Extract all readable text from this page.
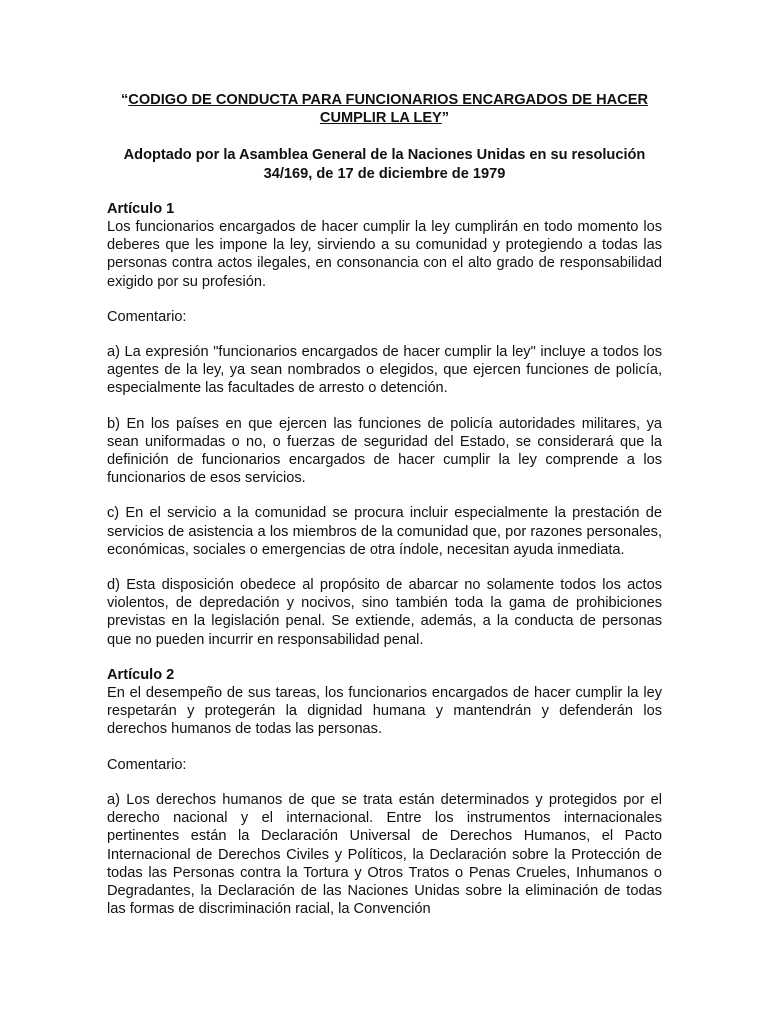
“CODIGO DE CONDUCTA PARA FUNCIONARIOS ENCARGADOS DE HACER CUMPLIR LA LEY”

Adoptado por la Asamblea General de la Naciones Unidas en su resolución 34/169, de 17 de diciembre de 1979

Artículo 1

Los funcionarios encargados de hacer cumplir la ley cumplirán en todo momento los deberes que les impone la ley, sirviendo a su comunidad y protegiendo a todas las personas contra actos ilegales, en consonancia con el alto grado de responsabilidad exigido por su profesión.

Comentario:

a) La expresión "funcionarios encargados de hacer cumplir la ley" incluye a todos los agentes de la ley, ya sean nombrados o elegidos, que ejercen funciones de policía, especialmente las facultades de arresto o detención.

b) En los países en que ejercen las funciones de policía autoridades militares, ya sean uniformadas o no, o fuerzas de seguridad del Estado, se considerará que la definición de funcionarios encargados de hacer cumplir la ley comprende a los funcionarios de esos servicios.

c) En el servicio a la comunidad se procura incluir especialmente la prestación de servicios de asistencia a los miembros de la comunidad que, por razones personales, económicas, sociales o emergencias de otra índole, necesitan ayuda inmediata.

d) Esta disposición obedece al propósito de abarcar no solamente todos los actos violentos, de depredación y nocivos, sino también toda la gama de prohibiciones previstas en la legislación penal. Se extiende, además, a la conducta de personas que no pueden incurrir en responsabilidad penal.

Artículo 2

En el desempeño de sus tareas, los funcionarios encargados de hacer cumplir la ley respetarán y protegerán la dignidad humana y mantendrán y defenderán los derechos humanos de todas las personas.

Comentario:

a) Los derechos humanos de que se trata están determinados y protegidos por el derecho nacional y el internacional. Entre los instrumentos internacionales pertinentes están la Declaración Universal de Derechos Humanos, el Pacto Internacional de Derechos Civiles y Políticos, la Declaración sobre la Protección de todas las Personas contra la Tortura y Otros Tratos o Penas Crueles, Inhumanos o Degradantes, la Declaración de las Naciones Unidas sobre la eliminación de todas las formas de discriminación racial, la Convención
